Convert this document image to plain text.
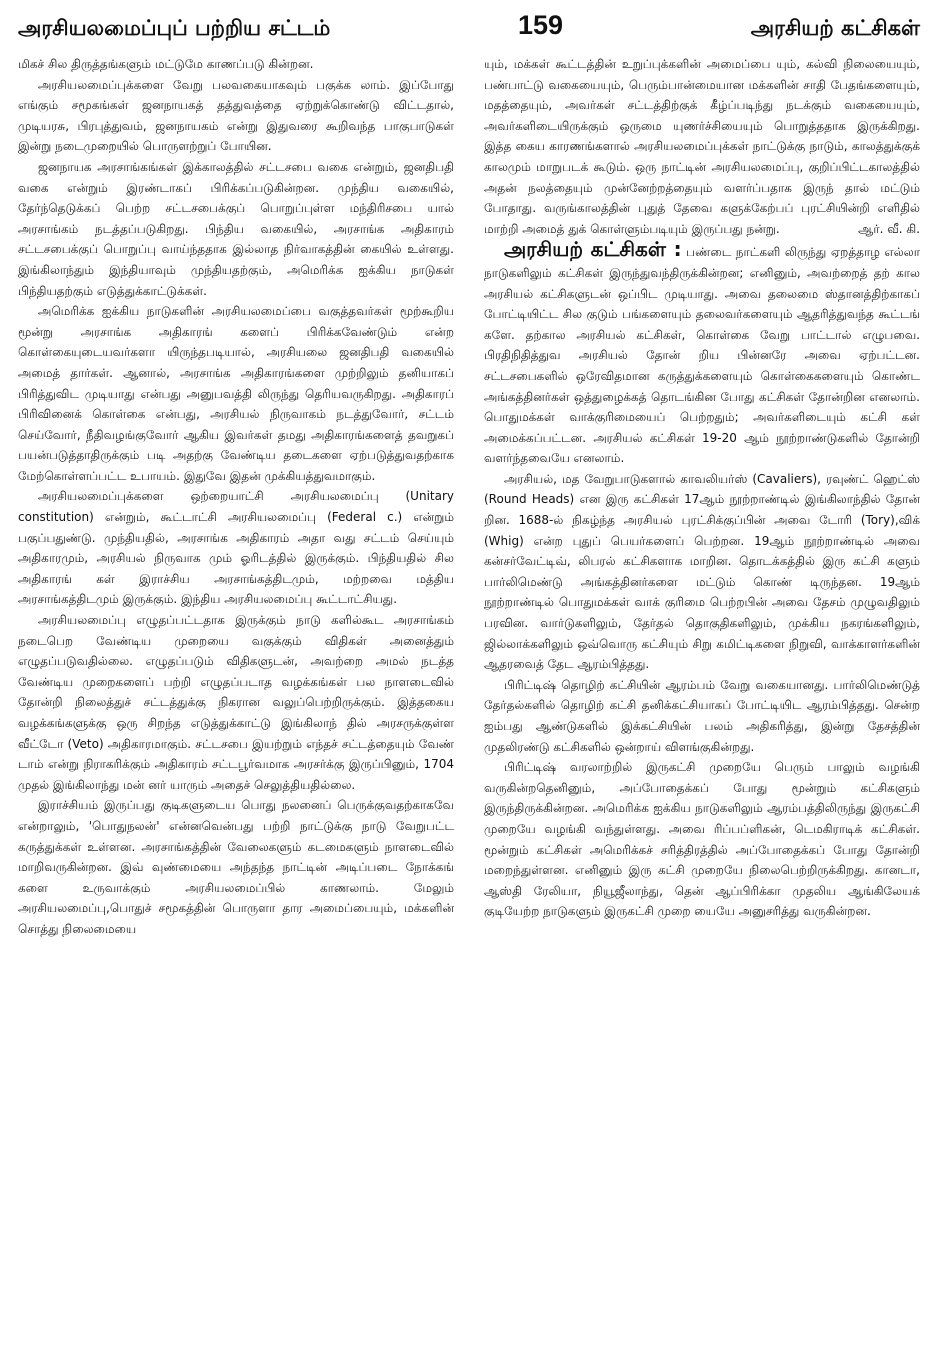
அரசியலமைப்புப் பற்றிய சட்டம்	159	அரசியற் கட்சிகள்

மிகச் சில திருத்தங்களும் மட்டுமே காணப்படு கின்றன.

அரசியலமைப்புக்களை வேறு பலவகையாகவும் பகுக்க லாம். இப்போது எங்கும் சமூகங்கள் ஜனநாயகத் தத்துவத்தை ஏற்றுக்கொண்டு விட்டதால், முடியரசு, பிரபுத்துவம், ஜனநாயகம் என்று இதுவரை கூறிவந்த பாகுபாடுகள் இன்று நடைமுறையில் பொருளற்றுப் போயின.

ஜனநாயக அரசாங்கங்கள் இக்காலத்தில் சட்டசபை வகை என்றும், ஜனதிபதி வகை என்றும் இரண்டாகப் பிரிக்கப்படுகின்றன. முந்திய வகையில், தேர்ந்தெடுக்கப் பெற்ற சட்டசபைக்குப் பொறுப்புள்ள மந்திரிசபை யால் அரசாங்கம் நடத்தப்படுகிறது. பிந்திய வகையில், அரசாங்க அதிகாரம் சட்டசபைக்குப் பொறுப்பு வாய்ந்ததாக இல்லாத நிர்வாகத்தின் கையில் உள்ளது. இங்கிலாந்தும் இந்தியாவும் முந்தியதற்கும், அமெரிக்க ஐக்கிய நாடுகள் பிந்தியதற்கும் எடுத்துக்காட்டுக்கள்.

அமெரிக்க ஐக்கிய நாடுகளின் அரசியலமைப்பை வகுத்தவர்கள் மூற்கூறிய மூன்று அரசாங்க அதிகாரங் களைப் பிரிக்கவேண்டும் என்ற கொள்கையுடையவர்களா யிருந்தபடியால், அரசியலை ஜனதிபதி வகையில் அமைத் தார்கள். ஆனால், அரசாங்க அதிகாரங்களை முற்றிலும் தனியாகப் பிரித்துவிட முடியாது என்பது அனுபவத்தி லிருந்து தெரியவருகிறது. அதிகாரப் பிரிவினைக் கொள்கை என்பது, அரசியல் நிருவாகம் நடத்துவோர், சட்டம் செய்வோர், நீதிவழங்குவோர் ஆகிய இவர்கள் தமது அதிகாரங்களைத் தவறுகப் பயன்படுத்தாதிருக்கும் படி அதற்கு வேண்டிய தடைகளை ஏற்படுத்துவதற்காக மேற்கொள்ளப்பட்ட உபாயம். இதுவே இதன் முக்கியத்துவமாகும்.

அரசியலமைப்புக்களை ஒற்றையாட்சி அரசியலமைப்பு (Unitary constitution) என்றும், கூட்டாட்சி அரசியலமைப்பு (Federal c.) என்றும் பகுப்பதுண்டு. முந்தியதில், அரசாங்க அதிகாரம் அதா வது சட்டம் செய்யும் அதிகாரமும், அரசியல் நிருவாக மும் ஓரிடத்தில் இருக்கும். பிந்தியதில் சில அதிகாரங் கள் இராச்சிய அரசாங்கத்திடமும், மற்றவை மத்திய அரசாங்கத்திடமும் இருக்கும். இந்திய அரசியலமைப்பு கூட்டாட்சியது.

அரசியலமைப்பு எழுதப்பட்டதாக இருக்கும் நாடு களில்கூட அரசாங்கம் நடைபெற வேண்டிய முறையை வகுக்கும் விதிகள் அனைத்தும் எழுதப்படுவதில்லை. எழுதப்படும் விதிகளுடன், அவற்றை அமல் நடத்த வேண்டிய முறைகளைப் பற்றி எழுதப்படாத வழக்கங்கள் பல நாளடைவில் தோன்றி நிலைத்துச் சட்டத்துக்கு நிகரான வலுப்பெற்றிருக்கும். இத்தகைய வழக்கங்களுக்கு ஒரு சிறந்த எடுத்துக்காட்டு இங்கிலாந் தில் அரசருக்குள்ள வீட்டோ (Veto) அதிகாரமாகும். சட்டசபை இயற்றும் எந்தச் சட்டத்தையும் வேண் டாம் என்று நிராகரிக்கும் அதிகாரம் சட்டபூர்வமாக அரசர்க்கு இருப்பினும், 1704 முதல் இங்கிலாந்து மன் னர் யாரும் அதைச் செலுத்தியதில்லை.

இராச்சியம் இருப்பது குடிகளுடைய பொது நலனைப் பெருக்குவதற்காகவே என்றாலும், 'பொதுநலன்' என்னவென்பது பற்றி நாட்டுக்கு நாடு வேறுபட்ட கருத்துக்கள் உள்ளன. அரசாங்கத்தின் வேலைகளும் கடமைகளும் நாளடைவில் மாறிவருகின்றன. இவ் வுண்மையை அந்தந்த நாட்டின் அடிப்படை நோக்கங் களை உருவாக்கும் அரசியலமைப்பில் காணலாம். மேலும் அரசியலமைப்பு,பொதுச் சமூகத்தின் பொருளா தார அமைப்பையும், மக்களின் சொத்து நிலைமையை

யும், மக்கள் கூட்டத்தின் உறுப்புக்களின் அமைப்பை யும், கல்வி நிலையையும், பண்பாட்டு வகையையும், பெரும்பான்மையான மக்களின் சாதி பேதங்களையும், மதத்தையும், அவர்கள் சட்டத்திற்குக் கீழ்ப்படிந்து நடக்கும் வகையையும், அவர்களிடையிருக்கும் ஒருமை யுணர்ச்சியையும் பொறுத்ததாக இருக்கிறது. இத்த கைய காரணங்களால் அரசியலமைப்புக்கள் நாட்டுக்கு நாடும், காலத்துக்குக் காலமும் மாறுபடக் கூடும். ஒரு நாட்டின் அரசியலமைப்பு, குறிப்பிட்டகாலத்தில் அதன் நலத்தையும் முன்னேற்றத்தையும் வளர்ப்பதாக இருந் தால் மட்டும் போதாது. வருங்காலத்தின் புதுத் தேவை களுக்கேற்பப் புரட்சியின்றி எளிதில் மாற்றி அமைத் துக் கொள்ளும்படியும் இருப்பது நன்று.	ஆர். வீ. கி.

அரசியற் கட்சிகள் : பண்டை நாட்களி லிருந்து ஏறத்தாழ எல்லா நாடுகளிலும் கட்சிகள் இருந்துவந்திருக்கின்றன; எனினும், அவற்றைத் தற் கால அரசியல் கட்சிகளுடன் ஒப்பிட முடியாது. அவை தலைமை ஸ்தானத்திற்காகப் போட்டியிட்ட சில குடும் பங்களையும் தலைவர்களையும் ஆதரித்துவந்த கூட்டங் களே. தற்கால அரசியல் கட்சிகள், கொள்கை வேறு பாட்டால் எழுபவை. பிரதிநிதித்துவ அரசியல் தோன் றிய பின்னரே அவை ஏற்பட்டன. சட்டசபைகளில் ஒரேவிதமான கருத்துக்களையும் கொள்கைகளையும் கொண்ட அங்கத்தினர்கள் ஒத்துழைக்கத் தொடங்கின போது கட்சிகள் தோன்றின எனலாம். பொதுமக்கள் வாக்குரிமையைப் பெற்றதும்; அவர்களிடையும் கட்சி கள் அமைக்கப்பட்டன. அரசியல் கட்சிகள் 19-20 ஆம் நூற்றாண்டுகளில் தோன்றி வளர்ந்தவையே எனலாம்.

அரசியல், மத வேறுபாடுகளால் காவலியர்ஸ் (Cavaliers), ரவுண்ட் ஹெட்ஸ் (Round Heads) என இரு கட்சிகள் 17ஆம் நூற்றாண்டில் இங்கிலாந்தில் தோன் றின. 1688-ல் நிகழ்ந்த அரசியல் புரட்சிக்குப்பின் அவை டோரி (Tory),விக் (Whig) என்ற புதுப் பெயர்களைப் பெற்றன. 19ஆம் நூற்றாண்டில் அவை கன்சர்வேட்டிவ், லிபரல் கட்சிகளாக மாறின. தொடக்கத்தில் இரு கட்சி களும் பார்லிமெண்டு அங்கத்தினர்களை மட்டும் கொண் டிருந்தன. 19ஆம் நூற்றாண்டில் பொதுமக்கள் வாக் குரிமை பெற்றபின் அவை தேசம் முழுவதிலும் பரவின. வார்டுகளிலும், தேர்தல் தொகுதிகளிலும், முக்கிய நகரங்களிலும், ஜில்லாக்களிலும் ஒவ்வொரு கட்சியும் சிறு கமிட்டிகளை நிறுவி, வாக்காளர்களின் ஆதரவைத் தேட ஆரம்பித்தது.

பிரிட்டிஷ் தொழிற் கட்சியின் ஆரம்பம் வேறு வகையானது. பார்லிமெண்டுத் தேர்தல்களில் தொழிற் கட்சி தனிக்கட்சியாகப் போட்டியிட ஆரம்பித்தது. சென்ற ஐம்பது ஆண்டுகளில் இக்கட்சியின் பலம் அதிகரித்து, இன்று தேசத்தின் முதலிரண்டு கட்சிகளில் ஒன்றாய் விளங்குகின்றது.

பிரிட்டிஷ் வரலாற்றில் இருகட்சி முறையே பெரும் பாலும் வழங்கி வருகின்றதெனினும், அப்போதைக்கப் போது மூன்றும் கட்சிகளும் இருந்திருக்கின்றன. அமெரிக்க ஐக்கிய நாடுகளிலும் ஆரம்பத்திலிருந்து இருகட்சி முறையே வழங்கி வந்துள்ளது. அவை ரிப்பப்ளிகன், டெமகிராடிக் கட்சிகள். மூன்றும் கட்சிகள் அமெரிக்கச் சரித்திரத்தில் அப்போதைக்கப் போது தோன்றி மறைந்துள்ளன. எனினும் இரு கட்சி முறையே நிலைபெற்றிருக்கிறது. கானடா, ஆஸ்தி ரேலியா, நியூஜீலாந்து, தென் ஆப்பிரிக்கா முதலிய ஆங்கிலேயக் குடியேற்ற நாடுகளும் இருகட்சி முறை யையே அனுசரித்து வருகின்றன.
